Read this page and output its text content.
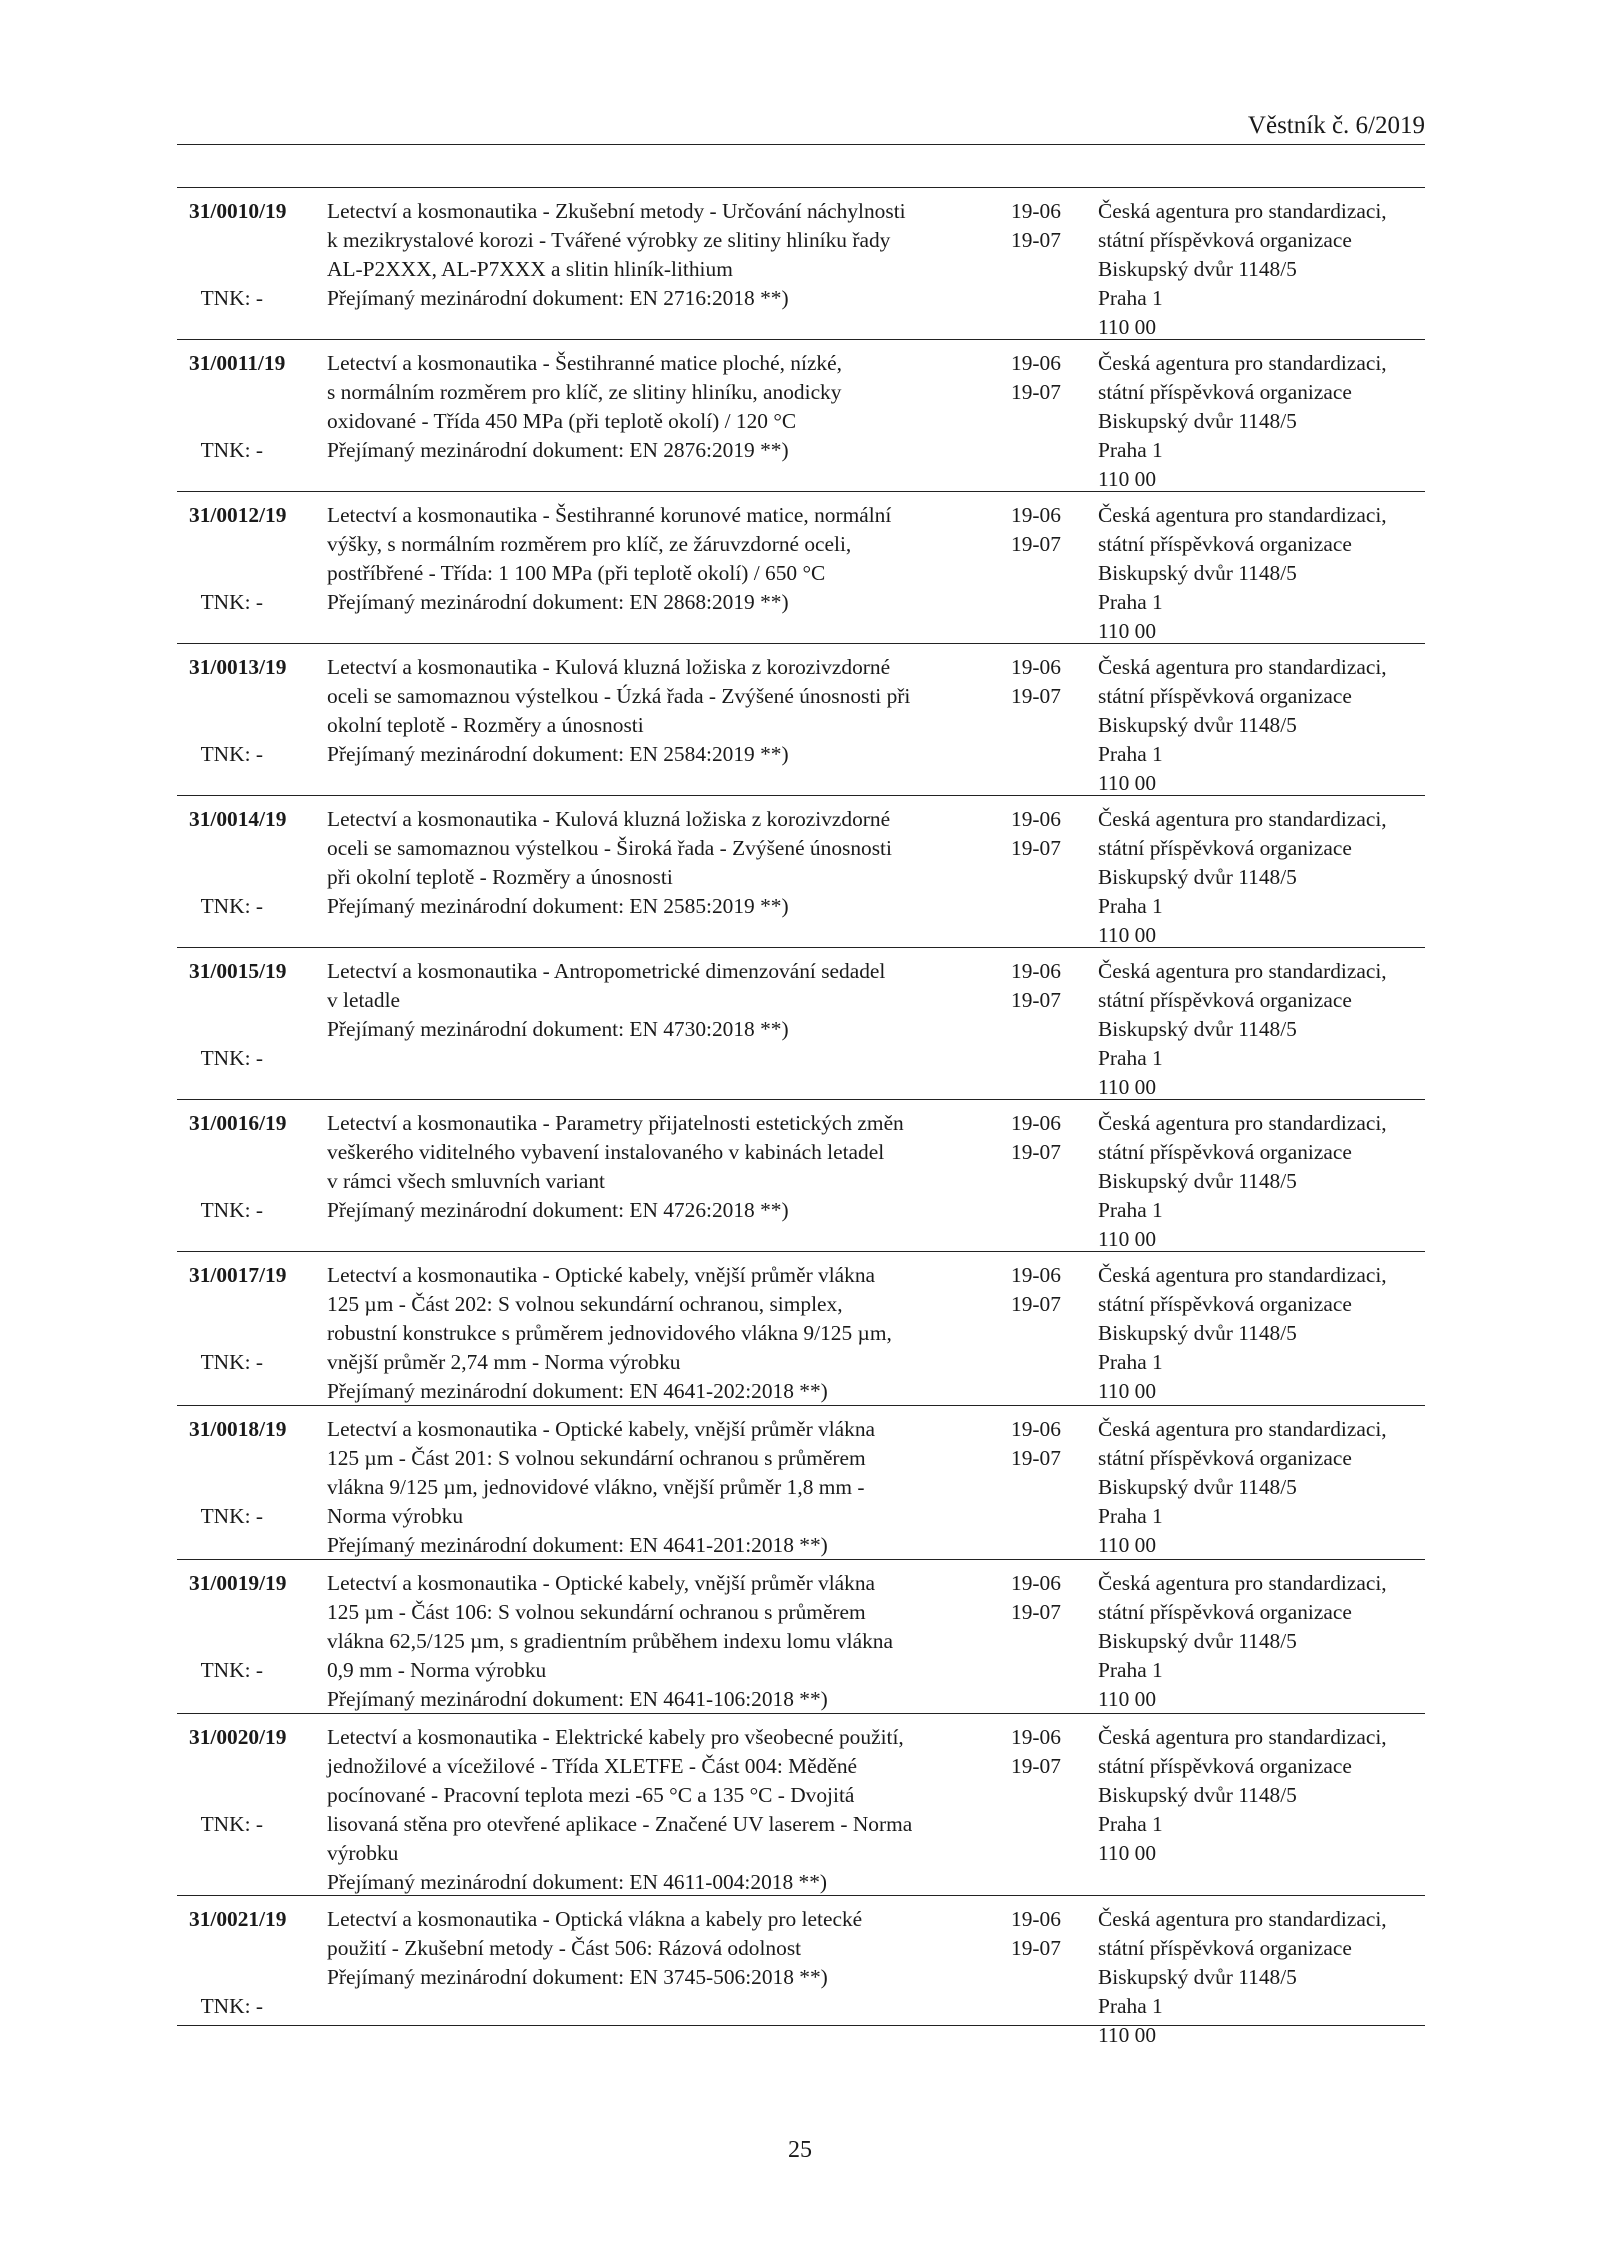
Věstník č. 6/2019
31/0010/19
TNK: -
Letectví a kosmonautika - Zkušební metody - Určování náchylnosti
k mezikrystalové korozi - Tvářené výrobky ze slitiny hliníku řady
AL-P2XXX, AL-P7XXX a slitin hliník-lithium
Přejímaný mezinárodní dokument: EN 2716:2018 **)
19-06
19-07
Česká agentura pro standardizaci,
státní příspěvková organizace
Biskupský dvůr 1148/5
Praha 1
110 00
31/0011/19
TNK: -
Letectví a kosmonautika - Šestihranné matice ploché, nízké,
s normálním rozměrem pro klíč, ze slitiny hliníku, anodicky
oxidované - Třída 450 MPa (při teplotě okolí) / 120 °C
Přejímaný mezinárodní dokument: EN 2876:2019 **)
19-06
19-07
Česká agentura pro standardizaci,
státní příspěvková organizace
Biskupský dvůr 1148/5
Praha 1
110 00
31/0012/19
TNK: -
Letectví a kosmonautika - Šestihranné korunové matice, normální
výšky, s normálním rozměrem pro klíč, ze žáruvzdorné oceli,
postříbřené - Třída: 1 100 MPa (při teplotě okolí) / 650 °C
Přejímaný mezinárodní dokument: EN 2868:2019 **)
19-06
19-07
Česká agentura pro standardizaci,
státní příspěvková organizace
Biskupský dvůr 1148/5
Praha 1
110 00
31/0013/19
TNK: -
Letectví a kosmonautika - Kulová kluzná ložiska z korozivzdorné
oceli se samomaznou výstelkou - Úzká řada - Zvýšené únosnosti při
okolní teplotě - Rozměry a únosnosti
Přejímaný mezinárodní dokument: EN 2584:2019 **)
19-06
19-07
Česká agentura pro standardizaci,
státní příspěvková organizace
Biskupský dvůr 1148/5
Praha 1
110 00
31/0014/19
TNK: -
Letectví a kosmonautika - Kulová kluzná ložiska z korozivzdorné
oceli se samomaznou výstelkou - Široká řada - Zvýšené únosnosti
při okolní teplotě - Rozměry a únosnosti
Přejímaný mezinárodní dokument: EN 2585:2019 **)
19-06
19-07
Česká agentura pro standardizaci,
státní příspěvková organizace
Biskupský dvůr 1148/5
Praha 1
110 00
31/0015/19
TNK: -
Letectví a kosmonautika - Antropometrické dimenzování sedadel
v letadle
Přejímaný mezinárodní dokument: EN 4730:2018 **)
19-06
19-07
Česká agentura pro standardizaci,
státní příspěvková organizace
Biskupský dvůr 1148/5
Praha 1
110 00
31/0016/19
TNK: -
Letectví a kosmonautika - Parametry přijatelnosti estetických změn
veškerého viditelného vybavení instalovaného v kabinách letadel
v rámci všech smluvních variant
Přejímaný mezinárodní dokument: EN 4726:2018 **)
19-06
19-07
Česká agentura pro standardizaci,
státní příspěvková organizace
Biskupský dvůr 1148/5
Praha 1
110 00
31/0017/19
TNK: -
Letectví a kosmonautika - Optické kabely, vnější průměr vlákna
125 µm - Část 202: S volnou sekundární ochranou, simplex,
robustní konstrukce s průměrem jednovidového vlákna 9/125 µm,
vnější průměr 2,74 mm - Norma výrobku
Přejímaný mezinárodní dokument: EN 4641-202:2018 **)
19-06
19-07
Česká agentura pro standardizaci,
státní příspěvková organizace
Biskupský dvůr 1148/5
Praha 1
110 00
31/0018/19
TNK: -
Letectví a kosmonautika - Optické kabely, vnější průměr vlákna
125 µm - Část 201: S volnou sekundární ochranou s průměrem
vlákna 9/125 µm, jednovidové vlákno, vnější průměr 1,8 mm -
Norma výrobku
Přejímaný mezinárodní dokument: EN 4641-201:2018 **)
19-06
19-07
Česká agentura pro standardizaci,
státní příspěvková organizace
Biskupský dvůr 1148/5
Praha 1
110 00
31/0019/19
TNK: -
Letectví a kosmonautika - Optické kabely, vnější průměr vlákna
125 µm - Část 106: S volnou sekundární ochranou s průměrem
vlákna 62,5/125 µm, s gradientním průběhem indexu lomu vlákna
0,9 mm - Norma výrobku
Přejímaný mezinárodní dokument: EN 4641-106:2018 **)
19-06
19-07
Česká agentura pro standardizaci,
státní příspěvková organizace
Biskupský dvůr 1148/5
Praha 1
110 00
31/0020/19
TNK: -
Letectví a kosmonautika - Elektrické kabely pro všeobecné použití,
jednožilové a vícežilové - Třída XLETFE - Část 004: Měděné
pocínované - Pracovní teplota mezi -65 °C a 135 °C - Dvojitá
lisovaná stěna pro otevřené aplikace - Značené UV laserem - Norma
výrobku
Přejímaný mezinárodní dokument: EN 4611-004:2018 **)
19-06
19-07
Česká agentura pro standardizaci,
státní příspěvková organizace
Biskupský dvůr 1148/5
Praha 1
110 00
31/0021/19
TNK: -
Letectví a kosmonautika - Optická vlákna a kabely pro letecké
použití - Zkušební metody - Část 506: Rázová odolnost
Přejímaný mezinárodní dokument: EN 3745-506:2018 **)
19-06
19-07
Česká agentura pro standardizaci,
státní příspěvková organizace
Biskupský dvůr 1148/5
Praha 1
110 00
25
